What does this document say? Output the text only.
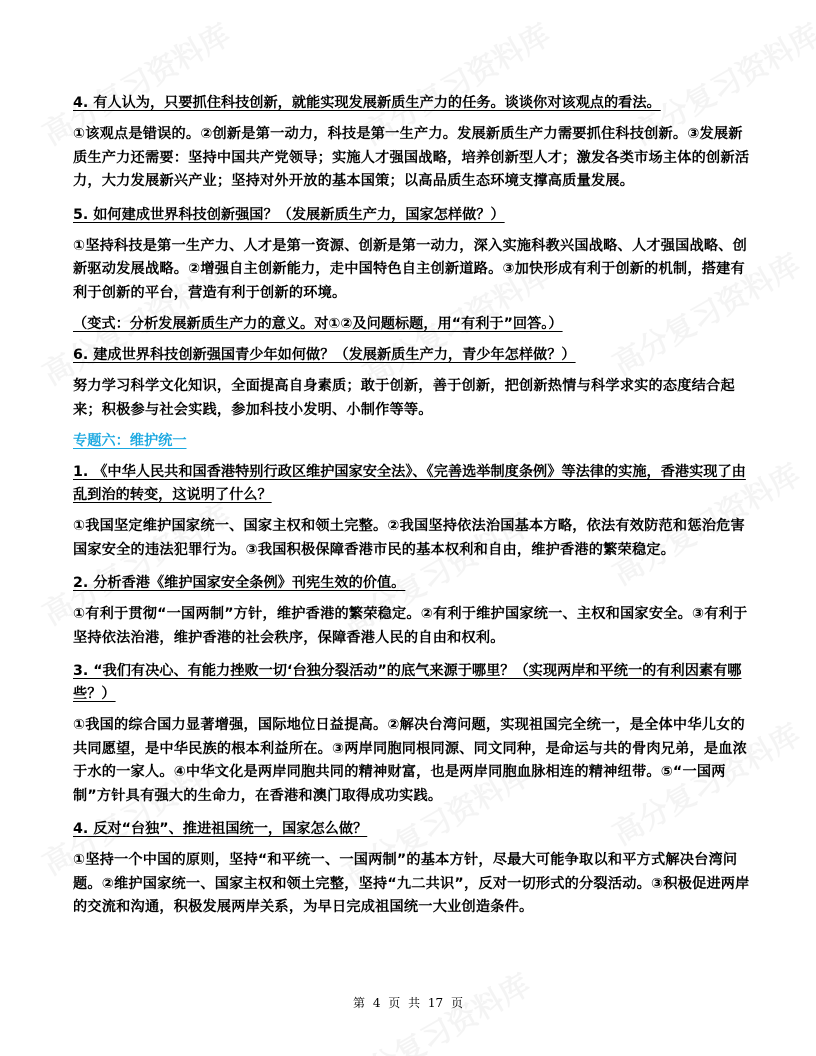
4. 有人认为，只要抓住科技创新，就能实现发展新质生产力的任务。谈谈你对该观点的看法。
①该观点是错误的。②创新是第一动力，科技是第一生产力。发展新质生产力需要抓住科技创新。③发展新质生产力还需要：坚持中国共产党领导；实施人才强国战略，培养创新型人才；激发各类市场主体的创新活力，大力发展新兴产业；坚持对外开放的基本国策；以高品质生态环境支撑高质量发展。
5. 如何建成世界科技创新强国？（发展新质生产力，国家怎样做？）
①坚持科技是第一生产力、人才是第一资源、创新是第一动力，深入实施科教兴国战略、人才强国战略、创新驱动发展战略。②增强自主创新能力，走中国特色自主创新道路。③加快形成有利于创新的机制，搭建有利于创新的平台，营造有利于创新的环境。
（变式：分析发展新质生产力的意义。对①②及问题标题，用“有利于”回答。）
6. 建成世界科技创新强国青少年如何做？（发展新质生产力，青少年怎样做？）
努力学习科学文化知识，全面提高自身素质；敢于创新，善于创新，把创新热情与科学求实的态度结合起来；积极参与社会实践，参加科技小发明、小制作等等。
专题六：维护统一
1. 《中华人民共和国香港特别行政区维护国家安全法》、《完善选举制度条例》等法律的实施，香港实现了由乱到治的转变，这说明了什么？
①我国坚定维护国家统一、国家主权和领土完整。②我国坚持依法治国基本方略，依法有效防范和惩治危害国家安全的违法犯罪行为。③我国积极保障香港市民的基本权利和自由，维护香港的繁荣稳定。
2. 分析香港《维护国家安全条例》刊宪生效的价值。
①有利于贯彻“一国两制”方针，维护香港的繁荣稳定。②有利于维护国家统一、主权和国家安全。③有利于坚持依法治港，维护香港的社会秩序，保障香港人民的自由和权利。
3. “我们有决心、有能力挫败一切‘台独分裂活动”的底气来源于哪里？（实现两岸和平统一的有利因素有哪些？）
①我国的综合国力显著增强，国际地位日益提高。②解决台湾问题，实现祖国完全统一，是全体中华儿女的共同愿望，是中华民族的根本利益所在。③两岸同胞同根同源、同文同种，是命运与共的骨肉兄弟，是血浓于水的一家人。④中华文化是两岸同胞共同的精神财富，也是两岸同胞血脉相连的精神纽带。⑤“一国两制”方针具有强大的生命力，在香港和澳门取得成功实践。
4. 反对“台独”、推进祖国统一，国家怎么做？
①坚持一个中国的原则，坚持“和平统一、一国两制”的基本方针，尽最大可能争取以和平方式解决台湾问题。②维护国家统一、国家主权和领土完整，坚持“九二共识”，反对一切形式的分裂活动。③积极促进两岸的交流和沟通，积极发展两岸关系，为早日完成祖国统一大业创造条件。
第 4 页 共 17 页
